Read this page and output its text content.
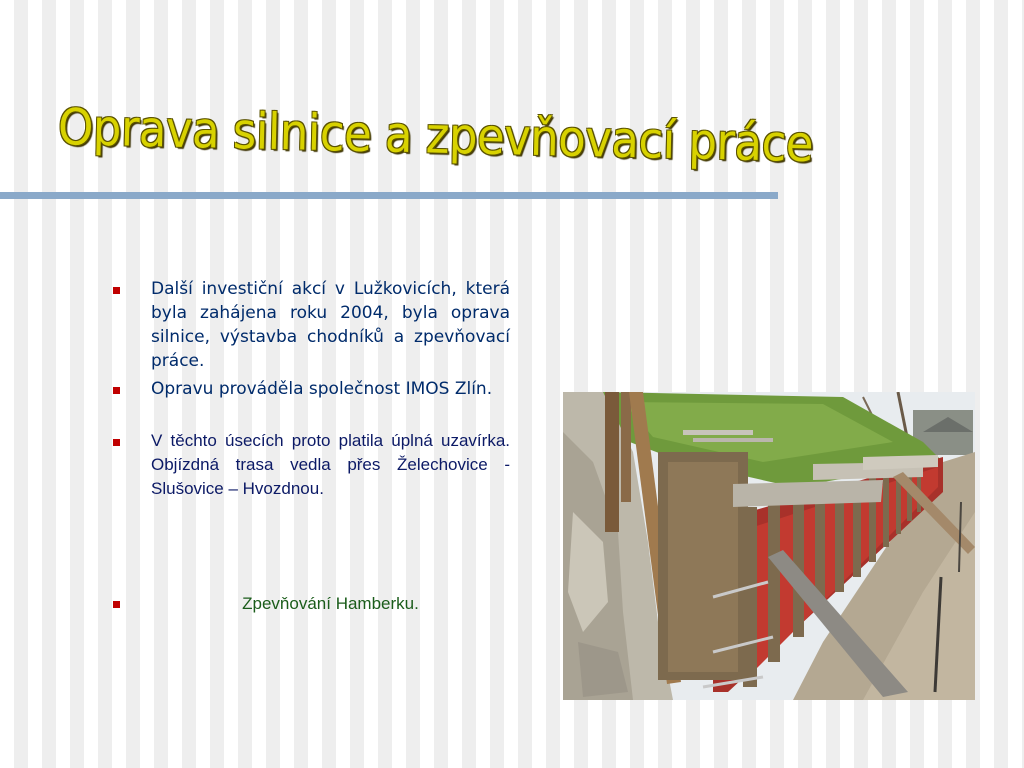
Oprava silnice a zpevňovací práce
Další investiční akcí v Lužkovicích, která byla zahájena roku 2004, byla oprava silnice, výstavba chodníků a zpevňovací práce.
Opravu prováděla společnost IMOS Zlín.
V těchto úsecích proto platila úplná uzavírka. Objízdná trasa vedla přes Želechovice - Slušovice – Hvozdnou.
Zpevňování Hamberku.
